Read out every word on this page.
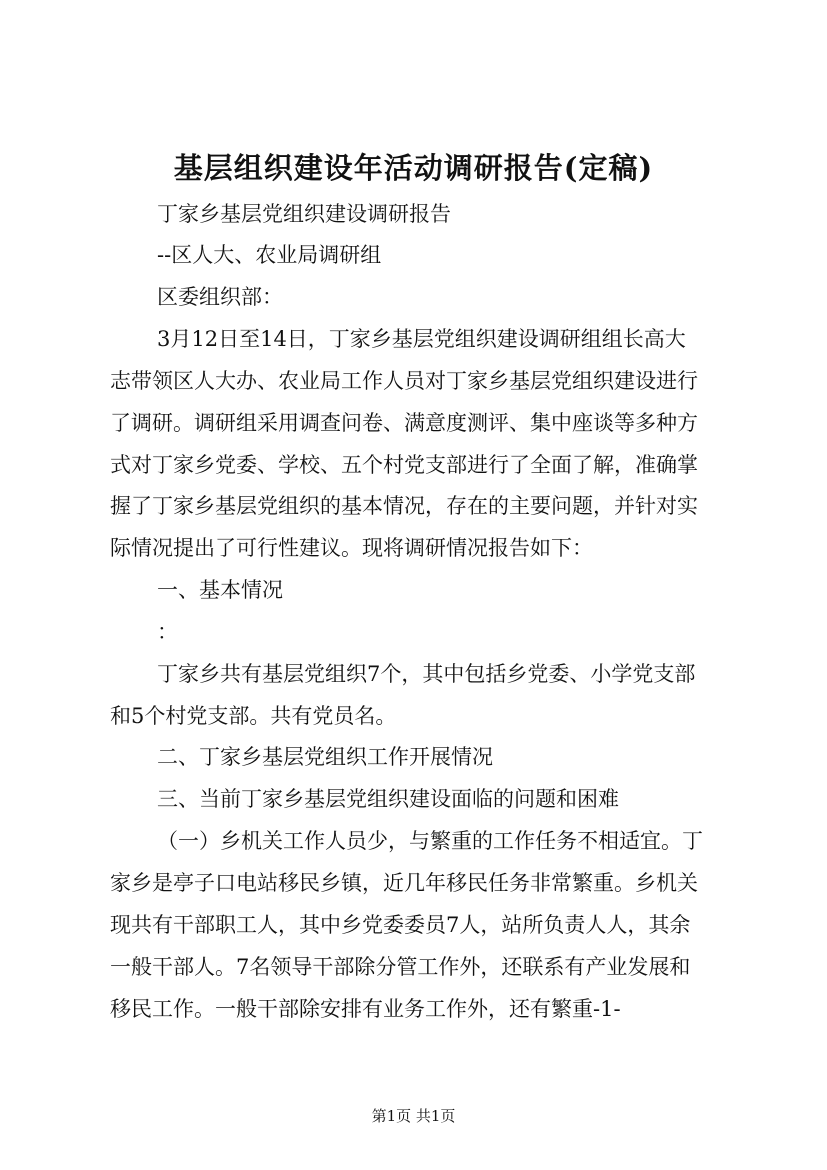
基层组织建设年活动调研报告(定稿)
丁家乡基层党组织建设调研报告
--区人大、农业局调研组
区委组织部：
3月12日至14日，丁家乡基层党组织建设调研组组长高大
志带领区人大办、农业局工作人员对丁家乡基层党组织建设进行
了调研。调研组采用调查问卷、满意度测评、集中座谈等多种方
式对丁家乡党委、学校、五个村党支部进行了全面了解，准确掌
握了丁家乡基层党组织的基本情况，存在的主要问题，并针对实
际情况提出了可行性建议。现将调研情况报告如下：
一、基本情况
：
丁家乡共有基层党组织7个，其中包括乡党委、小学党支部
和5个村党支部。共有党员名。
二、丁家乡基层党组织工作开展情况
三、当前丁家乡基层党组织建设面临的问题和困难
（一）乡机关工作人员少，与繁重的工作任务不相适宜。丁
家乡是亭子口电站移民乡镇，近几年移民任务非常繁重。乡机关
现共有干部职工人，其中乡党委委员7人，站所负责人人，其余
一般干部人。7名领导干部除分管工作外，还联系有产业发展和
移民工作。一般干部除安排有业务工作外，还有繁重-1-
第1页 共1页
